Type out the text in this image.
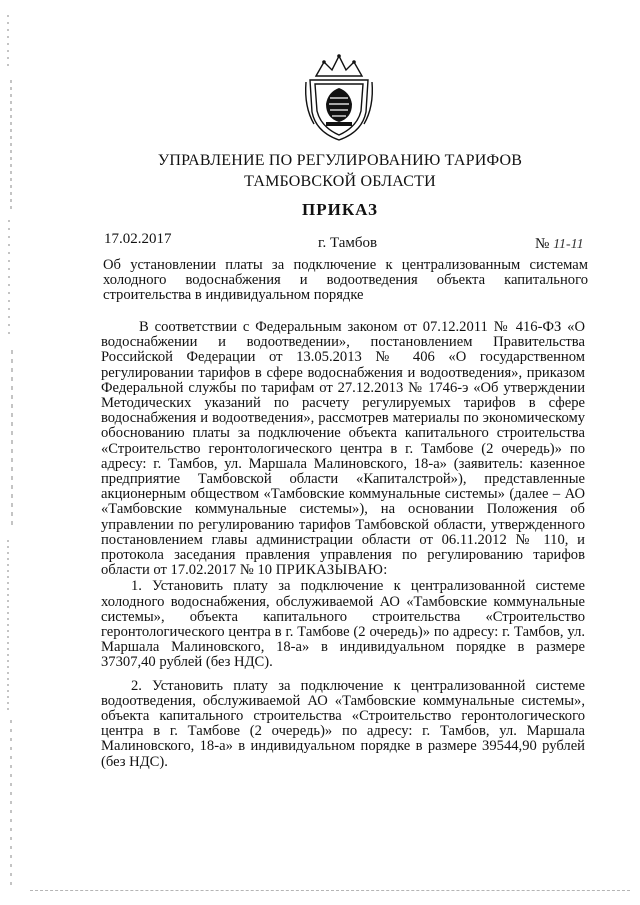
УПРАВЛЕНИЕ ПО РЕГУЛИРОВАНИЮ ТАРИФОВ
ТАМБОВСКОЙ ОБЛАСТИ
ПРИКАЗ
17.02.2017	г. Тамбов	№ 11-11
Об установлении платы за подключение к централизованным системам холодного водоснабжения и водоотведения объекта капитального строительства в индивидуальном порядке

В соответствии с Федеральным законом от 07.12.2011 № 416-ФЗ «О водоснабжении и водоотведении», постановлением Правительства Российской Федерации от 13.05.2013 № 406 «О государственном регулировании тарифов в сфере водоснабжения и водоотведения», приказом Федеральной службы по тарифам от 27.12.2013 № 1746-э «Об утверждении Методических указаний по расчету регулируемых тарифов в сфере водоснабжения и водоотведения», рассмотрев материалы по экономическому обоснованию платы за подключение объекта капитального строительства «Строительство геронтологического центра в г. Тамбове (2 очередь)» по адресу: г. Тамбов, ул. Маршала Малиновского, 18-а» (заявитель: казенное предприятие Тамбовской области «Капиталстрой»), представленные акционерным обществом «Тамбовские коммунальные системы» (далее – АО «Тамбовские коммунальные системы»), на основании Положения об управлении по регулированию тарифов Тамбовской области, утвержденного постановлением главы администрации области от 06.11.2012 № 110, и протокола заседания правления управления по регулированию тарифов области от 17.02.2017 № 10 ПРИКАЗЫВАЮ:

1. Установить плату за подключение к централизованной системе холодного водоснабжения, обслуживаемой АО «Тамбовские коммунальные системы», объекта капитального строительства «Строительство геронтологического центра в г. Тамбове (2 очередь)» по адресу: г. Тамбов, ул. Маршала Малиновского, 18-а» в индивидуальном порядке в размере 37307,40 рублей (без НДС).

2. Установить плату за подключение к централизованной системе водоотведения, обслуживаемой АО «Тамбовские коммунальные системы», объекта капитального строительства «Строительство геронтологического центра в г. Тамбове (2 очередь)» по адресу: г. Тамбов, ул. Маршала Малиновского, 18-а» в индивидуальном порядке в размере 39544,90 рублей (без НДС).
